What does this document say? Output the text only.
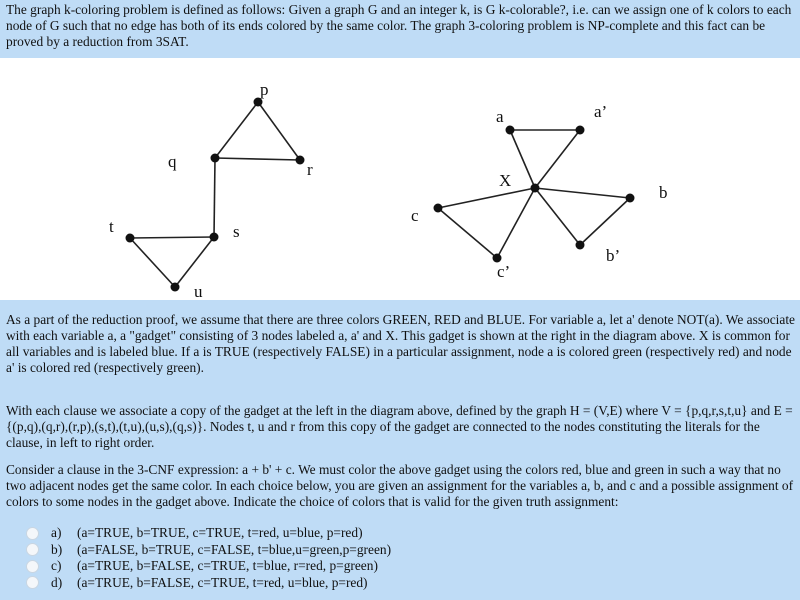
The graph k-coloring problem is defined as follows: Given a graph G and an integer k, is G k-colorable?, i.e. can we assign one of k colors to each node of G such that no edge has both of its ends colored by the same color. The graph 3-coloring problem is NP-complete and this fact can be proved by a reduction from 3SAT.
p
q	r
s
t
u
a	a’
X
b
b’
c
c’
As a part of the reduction proof, we assume that there are three colors GREEN, RED and BLUE. For variable a, let a' denote NOT(a). We associate with each variable a, a "gadget" consisting of 3 nodes labeled a, a' and X. This gadget is shown at the right in the diagram above. X is common for all variables and is labeled blue. If a is TRUE (respectively FALSE) in a particular assignment, node a is colored green (respectively red) and node a' is colored red (respectively green).
With each clause we associate a copy of the gadget at the left in the diagram above, defined by the graph H = (V,E) where V = {p,q,r,s,t,u} and E = {(p,q),(q,r),(r,p),(s,t),(t,u),(u,s),(q,s)}. Nodes t, u and r from this copy of the gadget are connected to the nodes constituting the literals for the clause, in left to right order.
Consider a clause in the 3-CNF expression: a + b' + c. We must color the above gadget using the colors red, blue and green in such a way that no two adjacent nodes get the same color. In each choice below, you are given an assignment for the variables a, b, and c and a possible assignment of colors to some nodes in the gadget above. Indicate the choice of colors that is valid for the given truth assignment:
a)	(a=TRUE, b=TRUE, c=TRUE, t=red, u=blue, p=red)
b)	(a=FALSE, b=TRUE, c=FALSE, t=blue,u=green,p=green)
c)	(a=TRUE, b=FALSE, c=TRUE, t=blue, r=red, p=green)
d)	(a=TRUE, b=FALSE, c=TRUE, t=red, u=blue, p=red)
